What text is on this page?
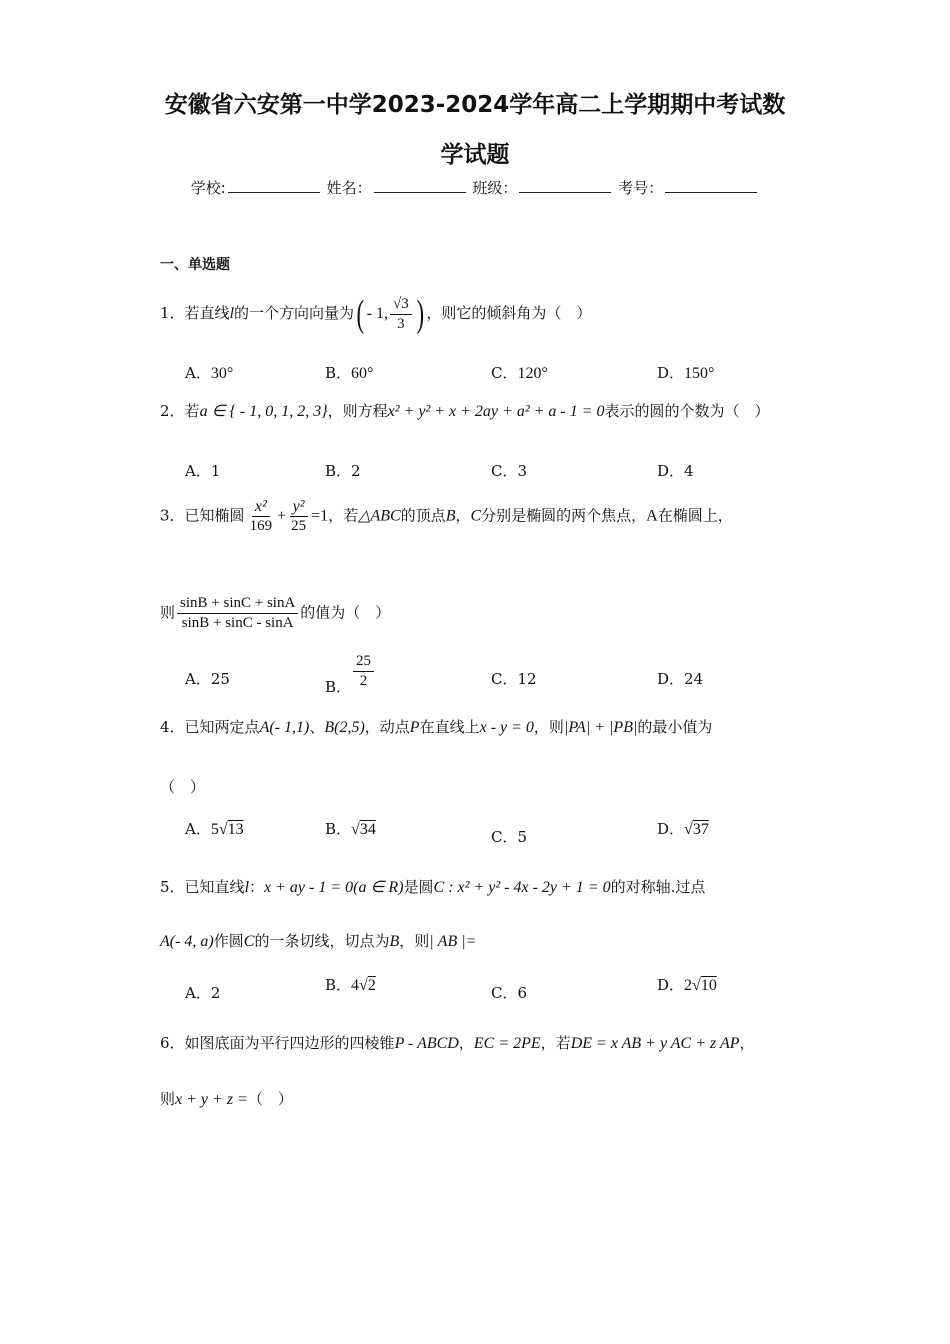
安徽省六安第一中学2023-2024学年高二上学期期中考试数
学试题
学校:	姓名：	班级：	考号：
一、单选题
1．若直线l的一个方向向量为( - 1, $\frac{√3}{3}$ ) ，则它的倾斜角为（　）
A．30°	B．60°	C．120°	D．150°
2．若a ∈ { - 1, 0, 1, 2, 3}，则方程x² + y² + x + 2ay + a² + a - 1 = 0表示的圆的个数为（　）
A．1	B．2	C．3	D．4
3．已知椭圆 $\frac{\text{x²}}{169} + \frac{\text{y²}}{25} =1$，若△ABC的顶点B，C分别是椭圆的两个焦点，A在椭圆上，
则 $\frac{\sin B + \sin C + \sin A}{\sin B + \sin C - \sin A}$ 的值为（　）
A．25	B． $\frac{25}{2}$	C．12	D．24
4．已知两定点A(- 1,1)、B(2,5)，动点P在直线上x - y = 0，则|PA| + |PB|的最小值为
（　）
A．5√13	B．√34	C．5	D．√37
5．已知直线l：x + ay - 1 = 0(a ∈ R)是圆C : x² + y² - 4x - 2y + 1 = 0的对称轴.过点
A(- 4, a)作圆C的一条切线，切点为B，则| AB |=
A．2	B．4√2	C．6	D．2√10
6．如图底面为平行四边形的四棱锥P - ABCD，EC = 2PE，若DE = x AB + y AC + z AP，
则x + y + z =（　）
